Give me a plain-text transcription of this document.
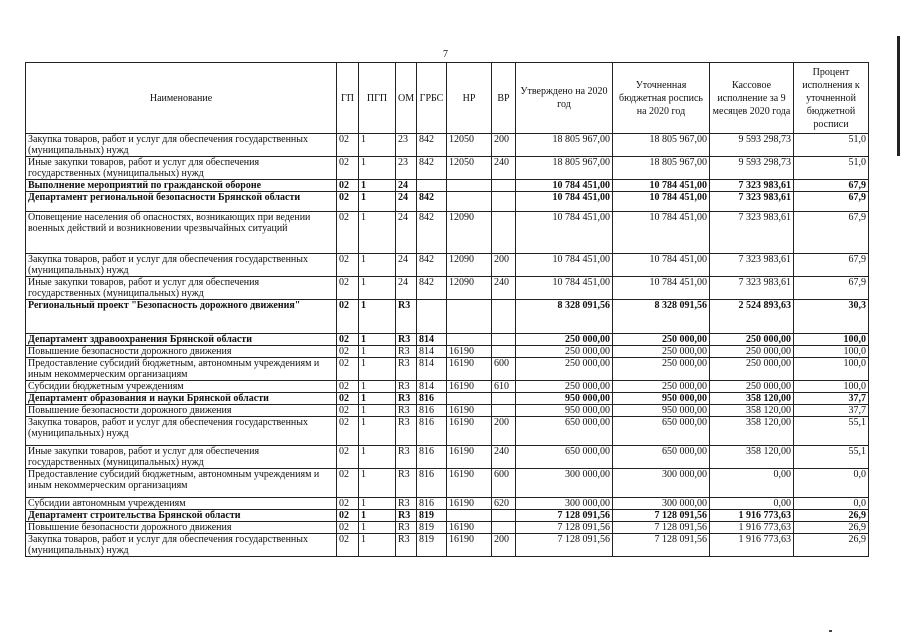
7
Наименование	ГП	ПГП	ОМ	ГРБС	НР	ВР	Утверждено на 2020 год	Уточненная бюджетная роспись на 2020 год	Кассовое исполнение за 9 месяцев 2020 года	Процент исполнения к уточненной бюджетной росписи
Закупка товаров, работ и услуг для обеспечения государственных (муниципальных) нужд	02	1	23	842	12050	200	18 805 967,00	18 805 967,00	9 593 298,73	51,0
Иные закупки товаров, работ и услуг для обеспечения государственных (муниципальных) нужд	02	1	23	842	12050	240	18 805 967,00	18 805 967,00	9 593 298,73	51,0
Выполнение мероприятий по гражданской обороне	02	1	24				10 784 451,00	10 784 451,00	7 323 983,61	67,9
Департамент региональной безопасности Брянской области	02	1	24	842			10 784 451,00	10 784 451,00	7 323 983,61	67,9
Оповещение населения об опасностях, возникающих при ведении военных действий и возникновении чрезвычайных ситуаций	02	1	24	842	12090		10 784 451,00	10 784 451,00	7 323 983,61	67,9
Закупка товаров, работ и услуг для обеспечения государственных (муниципальных) нужд	02	1	24	842	12090	200	10 784 451,00	10 784 451,00	7 323 983,61	67,9
Иные закупки товаров, работ и услуг для обеспечения государственных (муниципальных) нужд	02	1	24	842	12090	240	10 784 451,00	10 784 451,00	7 323 983,61	67,9
Региональный проект "Безопасность дорожного движения"	02	1	R3				8 328 091,56	8 328 091,56	2 524 893,63	30,3
Департамент здравоохранения Брянской области	02	1	R3	814			250 000,00	250 000,00	250 000,00	100,0
Повышение безопасности дорожного движения	02	1	R3	814	16190		250 000,00	250 000,00	250 000,00	100,0
Предоставление субсидий бюджетным, автономным учреждениям и иным некоммерческим организациям	02	1	R3	814	16190	600	250 000,00	250 000,00	250 000,00	100,0
Субсидии бюджетным учреждениям	02	1	R3	814	16190	610	250 000,00	250 000,00	250 000,00	100,0
Департамент образования и науки Брянской области	02	1	R3	816			950 000,00	950 000,00	358 120,00	37,7
Повышение безопасности дорожного движения	02	1	R3	816	16190		950 000,00	950 000,00	358 120,00	37,7
Закупка товаров, работ и услуг для обеспечения государственных (муниципальных) нужд	02	1	R3	816	16190	200	650 000,00	650 000,00	358 120,00	55,1
Иные закупки товаров, работ и услуг для обеспечения государственных (муниципальных) нужд	02	1	R3	816	16190	240	650 000,00	650 000,00	358 120,00	55,1
Предоставление субсидий бюджетным, автономным учреждениям и иным некоммерческим организациям	02	1	R3	816	16190	600	300 000,00	300 000,00	0,00	0,0
Субсидии автономным учреждениям	02	1	R3	816	16190	620	300 000,00	300 000,00	0,00	0,0
Департамент строительства Брянской области	02	1	R3	819			7 128 091,56	7 128 091,56	1 916 773,63	26,9
Повышение безопасности дорожного движения	02	1	R3	819	16190		7 128 091,56	7 128 091,56	1 916 773,63	26,9
Закупка товаров, работ и услуг для обеспечения государственных (муниципальных) нужд	02	1	R3	819	16190	200	7 128 091,56	7 128 091,56	1 916 773,63	26,9
